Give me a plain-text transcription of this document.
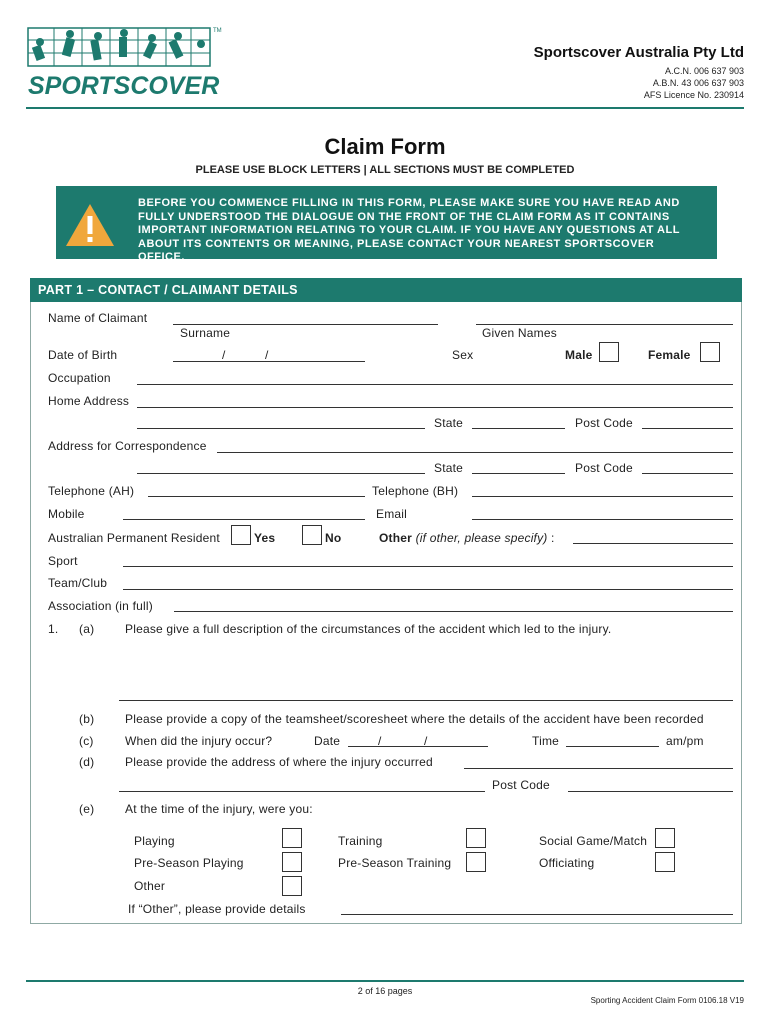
TM
SPORTSCOVER
Sportscover Australia Pty Ltd
A.C.N. 006 637 903
A.B.N. 43 006 637 903
AFS Licence No. 230914
Claim Form
PLEASE USE BLOCK LETTERS | ALL SECTIONS MUST BE COMPLETED
BEFORE YOU COMMENCE FILLING IN THIS FORM, PLEASE MAKE SURE YOU HAVE READ AND FULLY UNDERSTOOD THE DIALOGUE ON THE FRONT OF THE CLAIM FORM AS IT CONTAINS IMPORTANT INFORMATION RELATING TO YOUR CLAIM. IF YOU HAVE ANY QUESTIONS AT ALL ABOUT ITS CONTENTS OR MEANING, PLEASE CONTACT YOUR NEAREST SPORTSCOVER OFFICE.
PART 1 – CONTACT / CLAIMANT DETAILS
Name of Claimant
Surname	Given Names
Date of Birth	/	/	Sex	Male	Female
Occupation
Home Address
State	Post Code
Address for Correspondence
State	Post Code
Telephone (AH)	Telephone (BH)
Mobile	Email
Australian Permanent Resident	Yes	No	Other (if other, please specify) :
Sport
Team/Club
Association (in full)
1. (a)	Please give a full description of the circumstances of the accident which led to the injury.
(b)	Please provide a copy of the teamsheet/scoresheet where the details of the accident have been recorded
(c)	When did the injury occur?	Date	/	/	Time	am/pm
(d)	Please provide the address of where the injury occurred
Post Code
(e)	At the time of the injury, were you:
Playing	Training	Social Game/Match
Pre-Season Playing	Pre-Season Training	Officiating
Other
If “Other”, please provide details
2 of 16 pages
Sporting Accident Claim Form 0106.18 V19
